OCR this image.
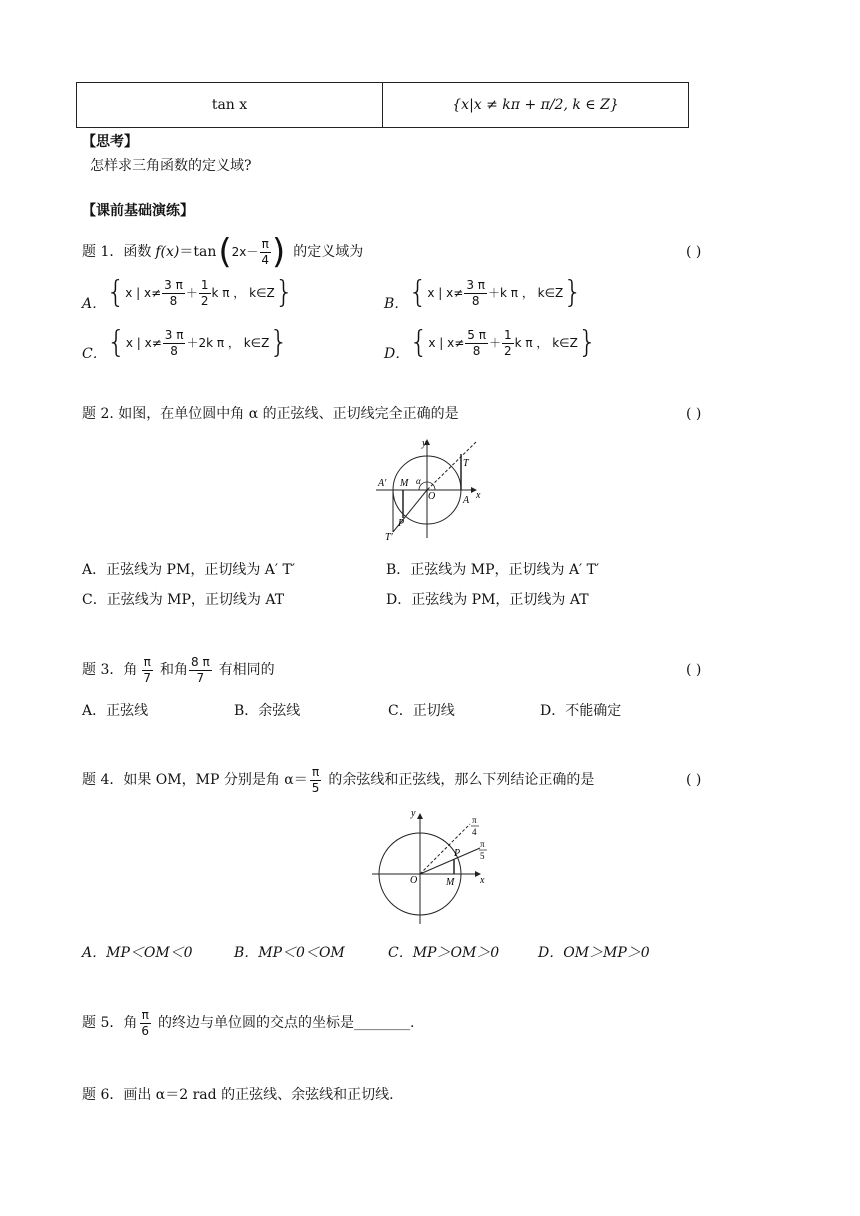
tan x	{x|x ≠ kπ + π/2, k ∈ Z}
【思考】
怎样求三角函数的定义域?
【课前基础演练】
题 1．函数 f(x) ＝tan ( $2x- \frac{\pi}{4}$ ) 的定义域为	( )
A． { x | $x\ne \frac{3 \pi}{8} + \frac{1}{2}$ k π ， k∈Z }	B． { x | $x\ne \frac{3 \pi}{8} +k$ π ， k∈Z }
C． { x | $x\ne \frac{3 \pi}{8} +2k$ π ， k∈Z }	D． { x | $x\ne \frac{5 \pi}{8} + \frac{1}{2}$ k π ， k∈Z }
题 2. 如图，在单位圆中角 α 的正弦线、正切线完全正确的是	( )
y
x
T
A′ M α
O	A
P
T′
A．正弦线为 PM，正切线为 A′ T′	B．正弦线为 MP，正切线为 A′ T′
C．正弦线为 MP，正切线为 AT	D．正弦线为 PM，正切线为 AT
题 3．角 $\frac{\pi}{7}$ 和角 $\frac{8 \pi}{7}$ 有相同的	( )
A．正弦线	B．余弦线	C．正切线	D．不能确定
题 4．如果 OM，MP 分别是角 $\alpha= \frac{\pi}{5}$ 的余弦线和正弦线，那么下列结论正确的是	( )
y
x
O	M
P
π
4
π
5
A．MP＜OM＜0	B．MP＜0＜OM	C．MP＞OM＞0	D．OM＞MP＞0
题 5．角 $\frac{\pi}{6}$ 的终边与单位圆的交点的坐标是________.
题 6．画出 α＝2 rad 的正弦线、余弦线和正切线.
